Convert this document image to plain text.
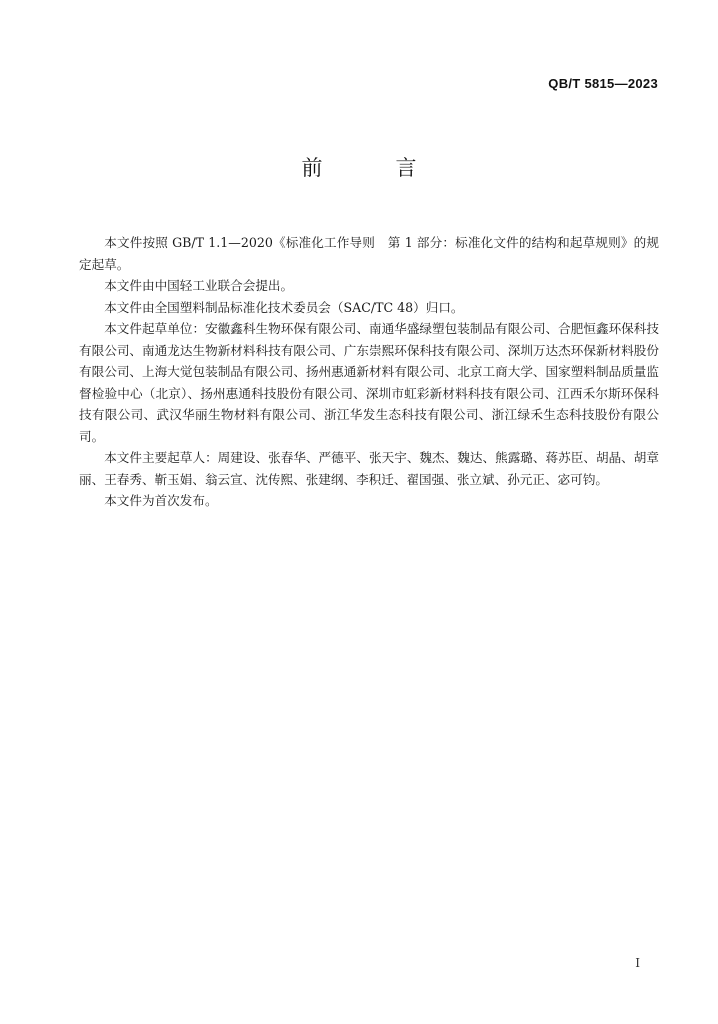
QB/T 5815—2023
前　言

本文件按照 GB/T 1.1—2020《标准化工作导则　第 1 部分：标准化文件的结构和起草规则》的规定起草。

本文件由中国轻工业联合会提出。

本文件由全国塑料制品标准化技术委员会（SAC/TC 48）归口。

本文件起草单位：安徽鑫科生物环保有限公司、南通华盛绿塑包装制品有限公司、合肥恒鑫环保科技有限公司、南通龙达生物新材料科技有限公司、广东崇熙环保科技有限公司、深圳万达杰环保新材料股份有限公司、上海大觉包装制品有限公司、扬州惠通新材料有限公司、北京工商大学、国家塑料制品质量监督检验中心（北京）、扬州惠通科技股份有限公司、深圳市虹彩新材料科技有限公司、江西禾尔斯环保科技有限公司、武汉华丽生物材料有限公司、浙江华发生态科技有限公司、浙江绿禾生态科技股份有限公司。

本文件主要起草人：周建设、张春华、严德平、张天宇、魏杰、魏达、熊露璐、蒋苏臣、胡晶、胡章丽、王春秀、靳玉娟、翁云宣、沈传熙、张建纲、李积迁、翟国强、张立斌、孙元正、宓可钧。

本文件为首次发布。

I
